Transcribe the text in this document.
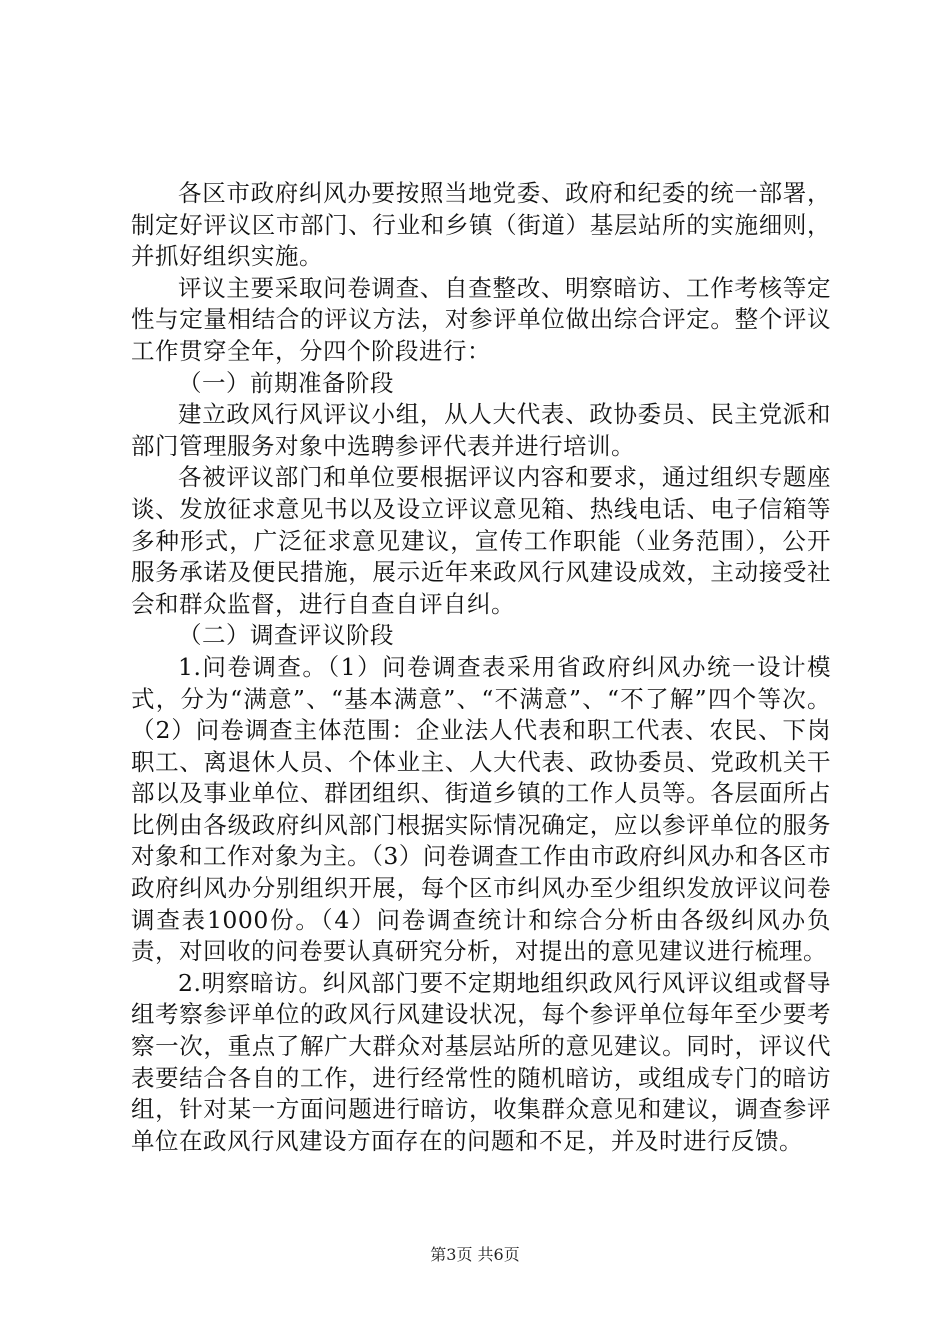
各区市政府纠风办要按照当地党委、政府和纪委的统一部署，制定好评议区市部门、行业和乡镇（街道）基层站所的实施细则，并抓好组织实施。

评议主要采取问卷调查、自查整改、明察暗访、工作考核等定性与定量相结合的评议方法，对参评单位做出综合评定。整个评议工作贯穿全年，分四个阶段进行：

（一）前期准备阶段

建立政风行风评议小组，从人大代表、政协委员、民主党派和部门管理服务对象中选聘参评代表并进行培训。

各被评议部门和单位要根据评议内容和要求，通过组织专题座谈、发放征求意见书以及设立评议意见箱、热线电话、电子信箱等多种形式，广泛征求意见建议，宣传工作职能（业务范围），公开服务承诺及便民措施，展示近年来政风行风建设成效，主动接受社会和群众监督，进行自查自评自纠。

（二）调查评议阶段

1.问卷调查。（1）问卷调查表采用省政府纠风办统一设计模式，分为“满意”、“基本满意”、“不满意”、“不了解”四个等次。（2）问卷调查主体范围：企业法人代表和职工代表、农民、下岗职工、离退休人员、个体业主、人大代表、政协委员、党政机关干部以及事业单位、群团组织、街道乡镇的工作人员等。各层面所占比例由各级政府纠风部门根据实际情况确定，应以参评单位的服务对象和工作对象为主。（3）问卷调查工作由市政府纠风办和各区市政府纠风办分别组织开展，每个区市纠风办至少组织发放评议问卷调查表1000份。（4）问卷调查统计和综合分析由各级纠风办负责，对回收的问卷要认真研究分析，对提出的意见建议进行梳理。

2.明察暗访。纠风部门要不定期地组织政风行风评议组或督导组考察参评单位的政风行风建设状况，每个参评单位每年至少要考察一次，重点了解广大群众对基层站所的意见建议。同时，评议代表要结合各自的工作，进行经常性的随机暗访，或组成专门的暗访组，针对某一方面问题进行暗访，收集群众意见和建议，调查参评单位在政风行风建设方面存在的问题和不足，并及时进行反馈。

第3页 共6页
